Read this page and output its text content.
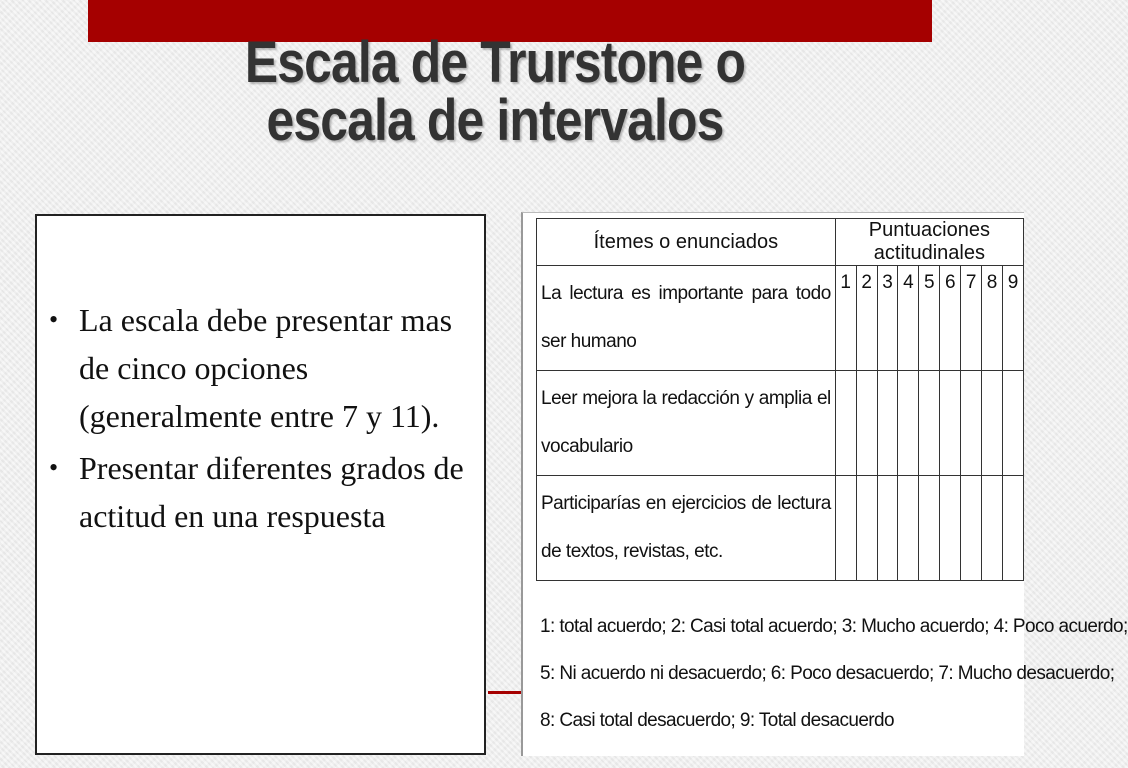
Escala de Trurstone o
escala de intervalos
• La escala debe presentar mas de cinco opciones (generalmente entre 7 y 11).
• Presentar diferentes grados de actitud en una respuesta
Ítemes o enunciados	Puntuaciones actitudinales								

La lectura es importante para todo ser humano	1	2	3	4	5	6	7	8	9

Leer mejora la redacción y amplia el vocabulario									

Participarías en ejercicios de lectura de textos, revistas, etc.									

1: total acuerdo; 2: Casi total acuerdo; 3: Mucho acuerdo; 4: Poco acuerdo;
5: Ni acuerdo ni desacuerdo; 6: Poco desacuerdo; 7: Mucho desacuerdo;
8: Casi total desacuerdo; 9: Total desacuerdo
